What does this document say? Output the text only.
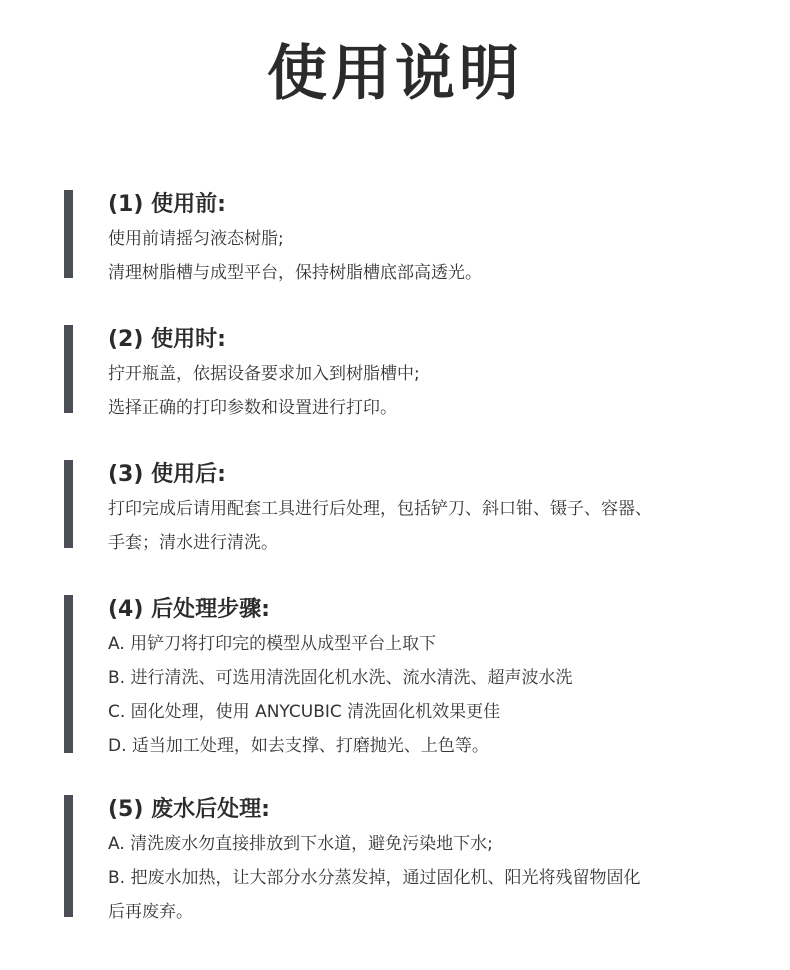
使用说明
(1) 使用前:
使用前请摇匀液态树脂;
清理树脂槽与成型平台，保持树脂槽底部高透光。
(2) 使用时:
拧开瓶盖，依据设备要求加入到树脂槽中;
选择正确的打印参数和设置进行打印。
(3) 使用后:
打印完成后请用配套工具进行后处理，包括铲刀、斜口钳、镊子、容器、
手套；清水进行清洗。
(4) 后处理步骤:
A. 用铲刀将打印完的模型从成型平台上取下
B. 进行清洗、可选用清洗固化机水洗、流水清洗、超声波水洗
C. 固化处理，使用 ANYCUBIC 清洗固化机效果更佳
D. 适当加工处理，如去支撑、打磨抛光、上色等。
(5) 废水后处理:
A. 清洗废水勿直接排放到下水道，避免污染地下水;
B. 把废水加热，让大部分水分蒸发掉，通过固化机、阳光将残留物固化
后再废弃。
